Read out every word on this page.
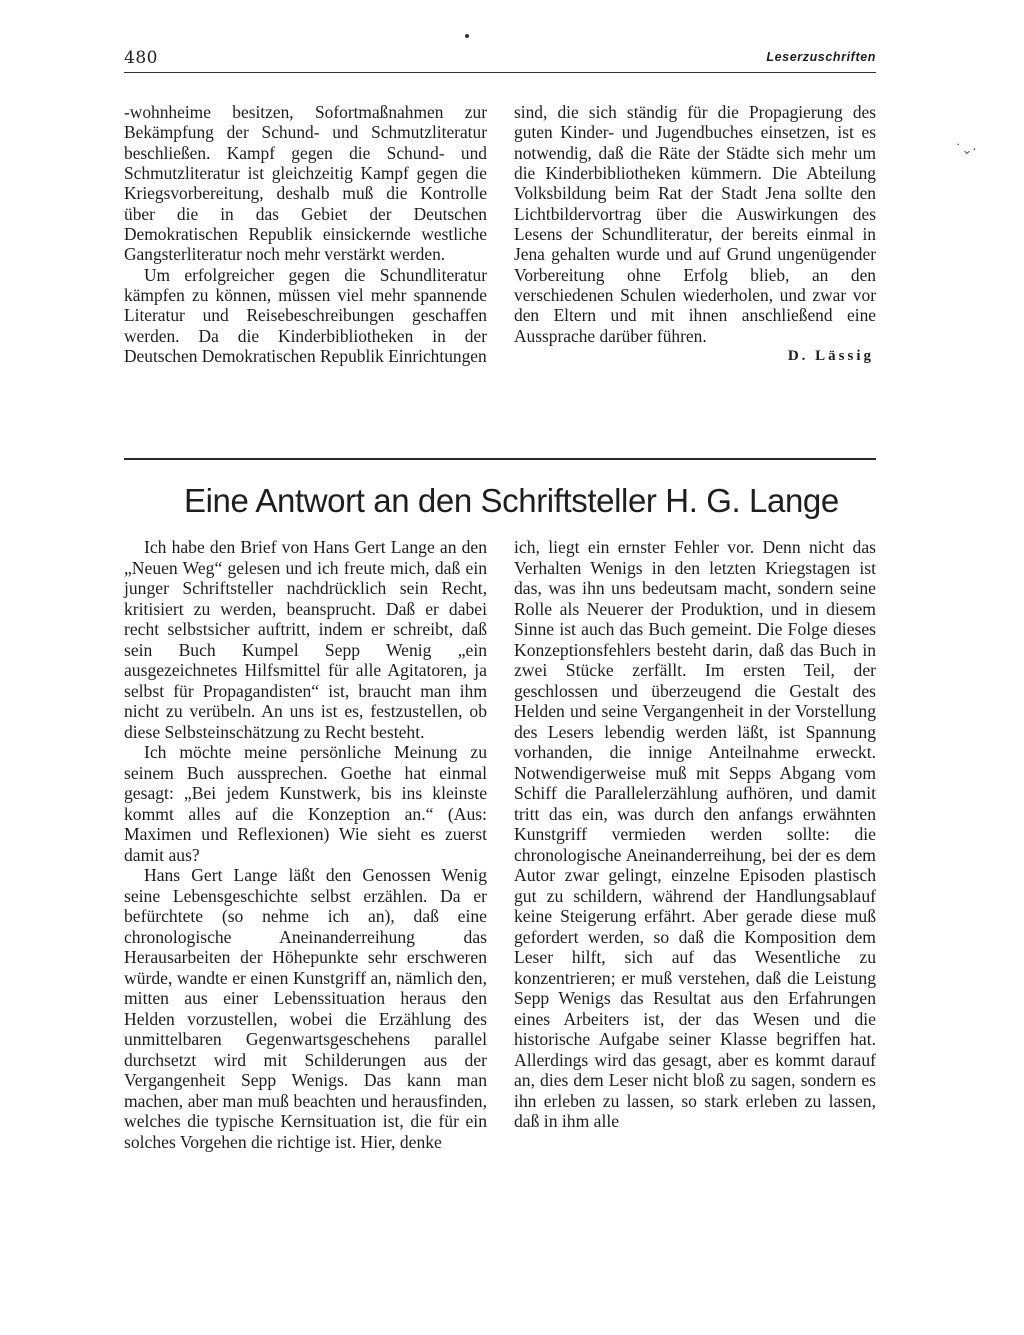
480	Leserzuschriften
˙⌄·

-wohnheime besitzen, Sofortmaßnahmen zur Bekämpfung der Schund- und Schmutzliteratur beschließen. Kampf gegen die Schund- und Schmutzliteratur ist gleichzeitig Kampf gegen die Kriegsvorbereitung, deshalb muß die Kontrolle über die in das Gebiet der Deutschen Demokratischen Republik einsickernde westliche Gangsterliteratur noch mehr verstärkt werden.

Um erfolgreicher gegen die Schundliteratur kämpfen zu können, müssen viel mehr spannende Literatur und Reisebeschreibungen geschaffen werden. Da die Kinderbibliotheken in der Deutschen Demokratischen Republik Einrichtungen

sind, die sich ständig für die Propagierung des guten Kinder- und Jugendbuches einsetzen, ist es notwendig, daß die Räte der Städte sich mehr um die Kinderbibliotheken kümmern. Die Abteilung Volksbildung beim Rat der Stadt Jena sollte den Lichtbildervortrag über die Auswirkungen des Lesens der Schundliteratur, der bereits einmal in Jena gehalten wurde und auf Grund ungenügender Vorbereitung ohne Erfolg blieb, an den verschiedenen Schulen wiederholen, und zwar vor den Eltern und mit ihnen anschließend eine Aussprache darüber führen.

D. Lässig

Eine Antwort an den Schriftsteller H. G. Lange

Ich habe den Brief von Hans Gert Lange an den „Neuen Weg“ gelesen und ich freute mich, daß ein junger Schriftsteller nachdrücklich sein Recht, kritisiert zu werden, beansprucht. Daß er dabei recht selbstsicher auftritt, indem er schreibt, daß sein Buch Kumpel Sepp Wenig „ein ausgezeichnetes Hilfsmittel für alle Agitatoren, ja selbst für Propagandisten“ ist, braucht man ihm nicht zu verübeln. An uns ist es, festzustellen, ob diese Selbsteinschätzung zu Recht besteht.

Ich möchte meine persönliche Meinung zu seinem Buch aussprechen. Goethe hat einmal gesagt: „Bei jedem Kunstwerk, bis ins kleinste kommt alles auf die Konzeption an.“ (Aus: Maximen und Reflexionen) Wie sieht es zuerst damit aus?

Hans Gert Lange läßt den Genossen Wenig seine Lebensgeschichte selbst erzählen. Da er befürchtete (so nehme ich an), daß eine chronologische Aneinanderreihung das Herausarbeiten der Höhepunkte sehr erschweren würde, wandte er einen Kunstgriff an, nämlich den, mitten aus einer Lebenssituation heraus den Helden vorzustellen, wobei die Erzählung des unmittelbaren Gegenwartsgeschehens parallel durchsetzt wird mit Schilderungen aus der Vergangenheit Sepp Wenigs. Das kann man machen, aber man muß beachten und herausfinden, welches die typische Kernsituation ist, die für ein solches Vorgehen die richtige ist. Hier, denke

ich, liegt ein ernster Fehler vor. Denn nicht das Verhalten Wenigs in den letzten Kriegstagen ist das, was ihn uns bedeutsam macht, sondern seine Rolle als Neuerer der Produktion, und in diesem Sinne ist auch das Buch gemeint. Die Folge dieses Konzeptionsfehlers besteht darin, daß das Buch in zwei Stücke zerfällt. Im ersten Teil, der geschlossen und überzeugend die Gestalt des Helden und seine Vergangenheit in der Vorstellung des Lesers lebendig werden läßt, ist Spannung vorhanden, die innige Anteilnahme erweckt. Notwendigerweise muß mit Sepps Abgang vom Schiff die Parallelerzählung aufhören, und damit tritt das ein, was durch den anfangs erwähnten Kunstgriff vermieden werden sollte: die chronologische Aneinanderreihung, bei der es dem Autor zwar gelingt, einzelne Episoden plastisch gut zu schildern, während der Handlungsablauf keine Steigerung erfährt. Aber gerade diese muß gefordert werden, so daß die Komposition dem Leser hilft, sich auf das Wesentliche zu konzentrieren; er muß verstehen, daß die Leistung Sepp Wenigs das Resultat aus den Erfahrungen eines Arbeiters ist, der das Wesen und die historische Aufgabe seiner Klasse begriffen hat. Allerdings wird das gesagt, aber es kommt darauf an, dies dem Leser nicht bloß zu sagen, sondern es ihn erleben zu lassen, so stark erleben zu lassen, daß in ihm alle
